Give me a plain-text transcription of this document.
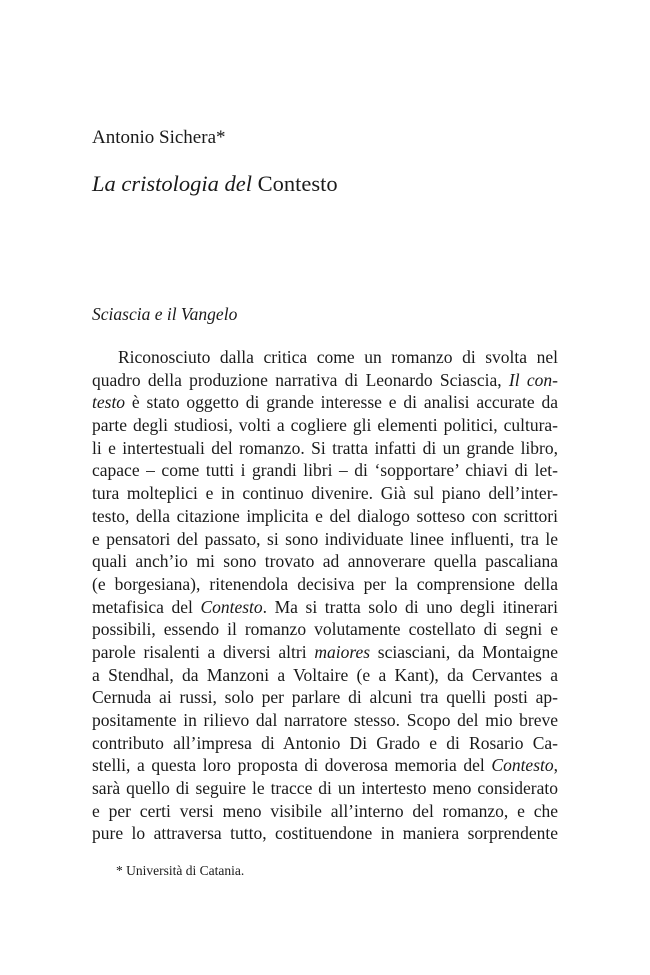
Antonio Sichera*
La cristologia del Contesto
Sciascia e il Vangelo
Riconosciuto dalla critica come un romanzo di svolta nel
quadro della produzione narrativa di Leonardo Sciascia, Il con-
testo è stato oggetto di grande interesse e di analisi accurate da
parte degli studiosi, volti a cogliere gli elementi politici, cultura-
li e intertestuali del romanzo. Si tratta infatti di un grande libro,
capace – come tutti i grandi libri – di ‘sopportare’ chiavi di let-
tura molteplici e in continuo divenire. Già sul piano dell’inter-
testo, della citazione implicita e del dialogo sotteso con scrittori
e pensatori del passato, si sono individuate linee influenti, tra le
quali anch’io mi sono trovato ad annoverare quella pascaliana
(e borgesiana), ritenendola decisiva per la comprensione della
metafisica del Contesto. Ma si tratta solo di uno degli itinerari
possibili, essendo il romanzo volutamente costellato di segni e
parole risalenti a diversi altri maiores sciasciani, da Montaigne
a Stendhal, da Manzoni a Voltaire (e a Kant), da Cervantes a
Cernuda ai russi, solo per parlare di alcuni tra quelli posti ap-
positamente in rilievo dal narratore stesso. Scopo del mio breve
contributo all’impresa di Antonio Di Grado e di Rosario Ca-
stelli, a questa loro proposta di doverosa memoria del Contesto,
sarà quello di seguire le tracce di un intertesto meno considerato
e per certi versi meno visibile all’interno del romanzo, e che
pure lo attraversa tutto, costituendone in maniera sorprendente

* Università di Catania.
